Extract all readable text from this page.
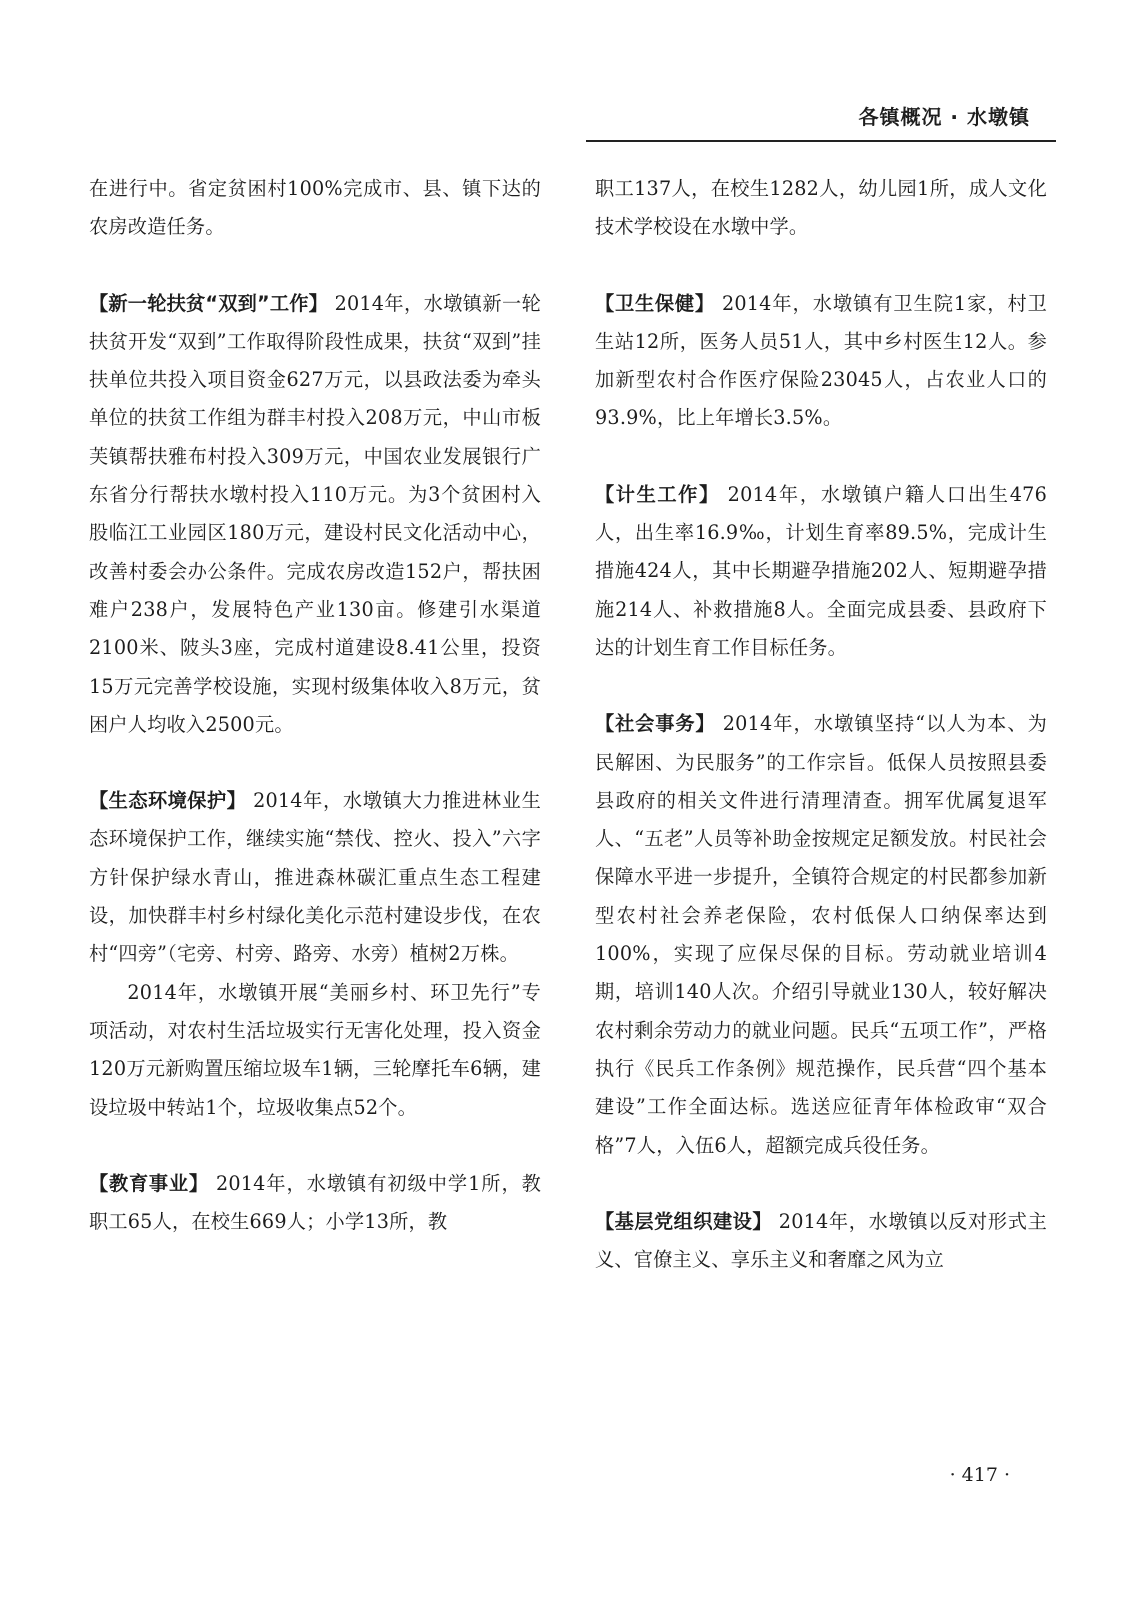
各镇概况 · 水墩镇

在进行中。省定贫困村100%完成市、县、镇下达的农房改造任务。

【新一轮扶贫“双到”工作】 2014年，水墩镇新一轮扶贫开发“双到”工作取得阶段性成果，扶贫“双到”挂扶单位共投入项目资金627万元，以县政法委为牵头单位的扶贫工作组为群丰村投入208万元，中山市板芙镇帮扶雅布村投入309万元，中国农业发展银行广东省分行帮扶水墩村投入110万元。为3个贫困村入股临江工业园区180万元，建设村民文化活动中心，改善村委会办公条件。完成农房改造152户，帮扶困难户238户，发展特色产业130亩。修建引水渠道2100米、陂头3座，完成村道建设8.41公里，投资15万元完善学校设施，实现村级集体收入8万元，贫困户人均收入2500元。

【生态环境保护】 2014年，水墩镇大力推进林业生态环境保护工作，继续实施“禁伐、控火、投入”六字方针保护绿水青山，推进森林碳汇重点生态工程建设，加快群丰村乡村绿化美化示范村建设步伐，在农村“四旁”（宅旁、村旁、路旁、水旁）植树2万株。

2014年，水墩镇开展“美丽乡村、环卫先行”专项活动，对农村生活垃圾实行无害化处理，投入资金120万元新购置压缩垃圾车1辆，三轮摩托车6辆，建设垃圾中转站1个，垃圾收集点52个。

【教育事业】 2014年，水墩镇有初级中学1所，教职工65人，在校生669人；小学13所，教

职工137人，在校生1282人，幼儿园1所，成人文化技术学校设在水墩中学。

【卫生保健】 2014年，水墩镇有卫生院1家，村卫生站12所，医务人员51人，其中乡村医生12人。参加新型农村合作医疗保险23045人，占农业人口的93.9%，比上年增长3.5%。

【计生工作】 2014年，水墩镇户籍人口出生476人，出生率16.9‰，计划生育率89.5%，完成计生措施424人，其中长期避孕措施202人、短期避孕措施214人、补救措施8人。全面完成县委、县政府下达的计划生育工作目标任务。

【社会事务】 2014年，水墩镇坚持“以人为本、为民解困、为民服务”的工作宗旨。低保人员按照县委县政府的相关文件进行清理清查。拥军优属复退军人、“五老”人员等补助金按规定足额发放。村民社会保障水平进一步提升，全镇符合规定的村民都参加新型农村社会养老保险，农村低保人口纳保率达到100%，实现了应保尽保的目标。劳动就业培训4期，培训140人次。介绍引导就业130人，较好解决农村剩余劳动力的就业问题。民兵“五项工作”，严格执行《民兵工作条例》规范操作，民兵营“四个基本建设”工作全面达标。选送应征青年体检政审“双合格”7人，入伍6人，超额完成兵役任务。

【基层党组织建设】 2014年，水墩镇以反对形式主义、官僚主义、享乐主义和奢靡之风为立

· 417 ·
